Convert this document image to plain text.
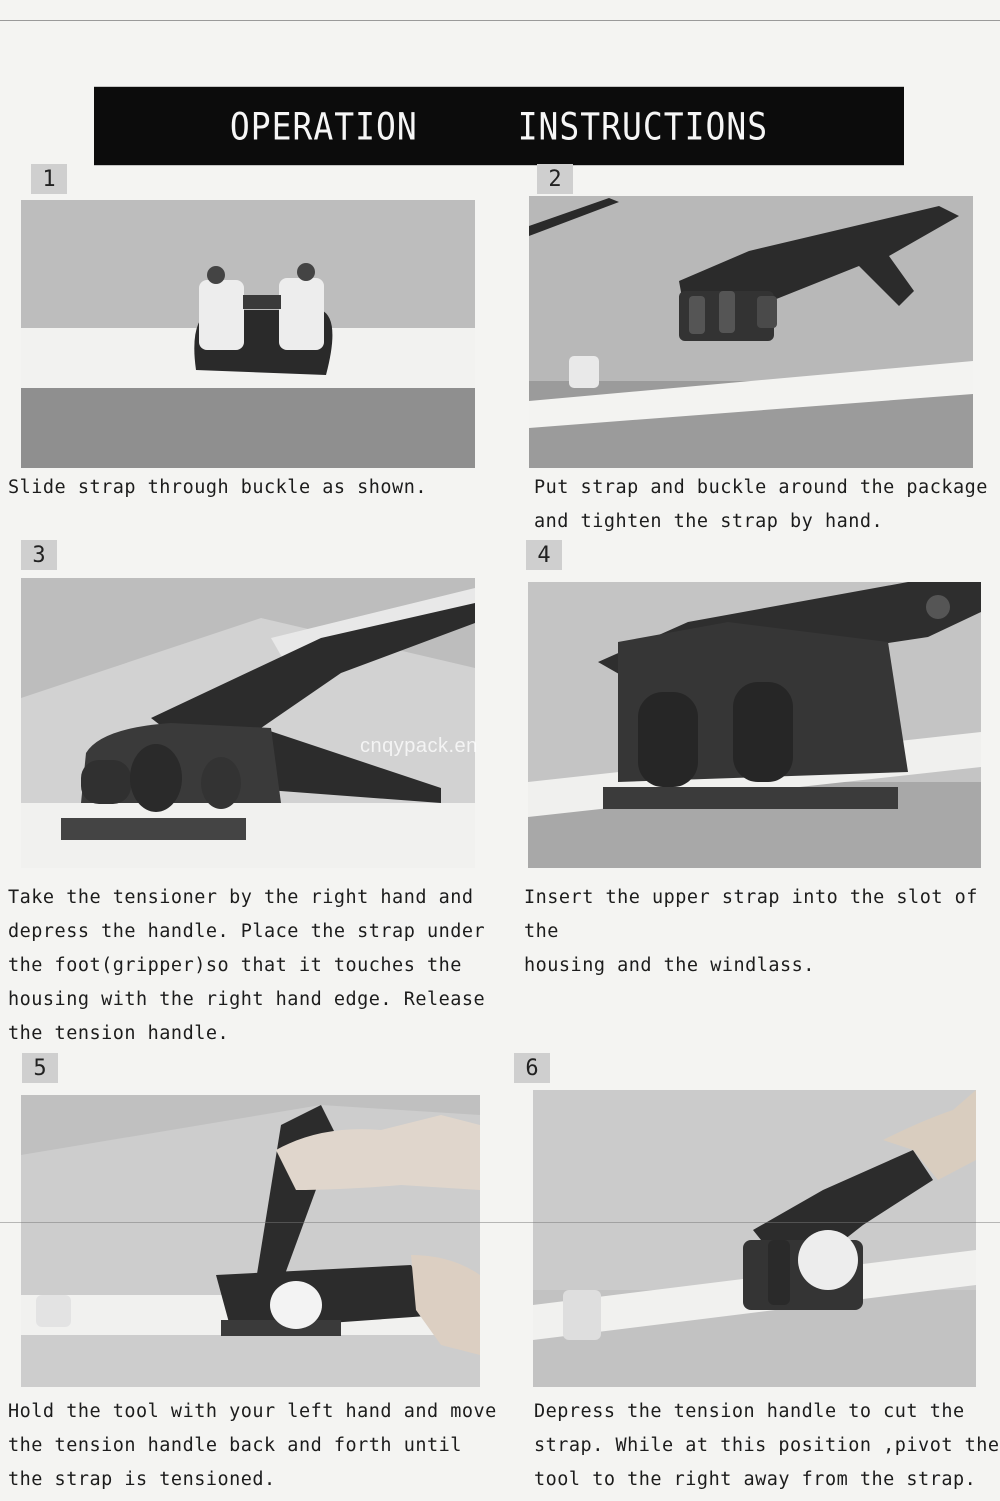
OPERATION	INSTRUCTIONS
1

Slide strap through buckle as shown.

2

Put strap and buckle around the package
and tighten the strap by hand.

3

Take the tensioner by the right hand and
depress the handle. Place the strap under
the foot(gripper)so that it touches the
housing with the right hand edge. Release
the tension handle.

4

Insert the upper strap into the slot of the
housing and the windlass.

cnqypack.en
5

Hold the tool with your left hand and move
the tension handle back and forth until
the strap is tensioned.

6

Depress the tension handle to cut the
strap. While at this position ,pivot the
tool to the right away from the strap.
